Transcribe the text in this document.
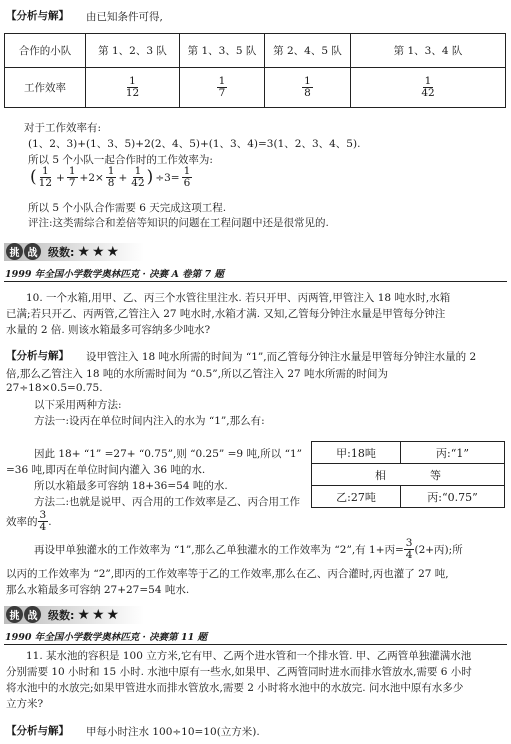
【分析与解】 由已知条件可得,
合作的小队	第 1、2、3 队	第 1、3、5 队	第 2、4、5 队	第 1、3、4 队
工作效率	$\frac{1}{12}$	$\frac{1}{7}$	$\frac{1}{8}$	$\frac{1}{42}$
对于工作效率有:
(1、2、3)+(1、3、5)+2(2、4、5)+(1、3、4)=3(1、2、3、4、5).
所以 5 个小队一起合作时的工作效率为:
( $\frac{1}{12} + \frac{1}{7} +2\times \frac{1}{8} + \frac{1}{42}$ ) $\div 3= \frac{1}{6}$
所以 5 个小队合作需要 6 天完成这项工程.
评注:这类需综合和差倍等知识的问题在工程问题中还是很常见的.
挑 战 级数: ★★★
1999 年全国小学数学奥林匹克 · 决赛 A 卷第 7 题
10. 一个水箱,用甲、乙、丙三个水管往里注水. 若只开甲、丙两管,甲管注入 18 吨水时,水箱
已满;若只开乙、丙两管,乙管注入 27 吨水时,水箱才满. 又知,乙管每分钟注水量是甲管每分钟注
水量的 2 倍. 则该水箱最多可容纳多少吨水?
【分析与解】 设甲管注入 18 吨水所需的时间为 “1”,而乙管每分钟注水量是甲管每分钟注水量的 2
倍,那么乙管注入 18 吨的水所需时间为 “0.5”,所以乙管注入 27 吨水所需的时间为
27÷18×0.5=0.75.
以下采用两种方法:
方法一:设丙在单位时间内注入的水为 “1”,那么有:
甲:18吨	丙:“1”
相　　　　等	
乙:27吨	丙:“0.75”
因此 18+ “1” =27+ “0.75”,则 “0.25” =9 吨,所以 “1”
=36 吨,即丙在单位时间内灌入 36 吨的水.
所以水箱最多可容纳 18+36=54 吨的水.
方法二:也就是说甲、丙合用的工作效率是乙、丙合用工作
效率的 $\frac{3}{4}$ .
再设甲单独灌水的工作效率为 “1”,那么乙单独灌水的工作效率为 “2”,有 1+丙= $\frac{3}{4} (2+$丙);所
以丙的工作效率为 “2”,即丙的工作效率等于乙的工作效率,那么在乙、丙合灌时,丙也灌了 27 吨,
那么水箱最多可容纳 27+27=54 吨水.
挑 战 级数: ★★★
1990 年全国小学数学奥林匹克 · 决赛第 11 题
11. 某水池的容积是 100 立方米,它有甲、乙两个进水管和一个排水管. 甲、乙两管单独灌满水池
分别需要 10 小时和 15 小时. 水池中原有一些水,如果甲、乙两管同时进水而排水管放水,需要 6 小时
将水池中的水放完;如果甲管进水而排水管放水,需要 2 小时将水池中的水放完. 问水池中原有水多少
立方米?
【分析与解】 甲每小时注水 100÷10=10(立方米).
